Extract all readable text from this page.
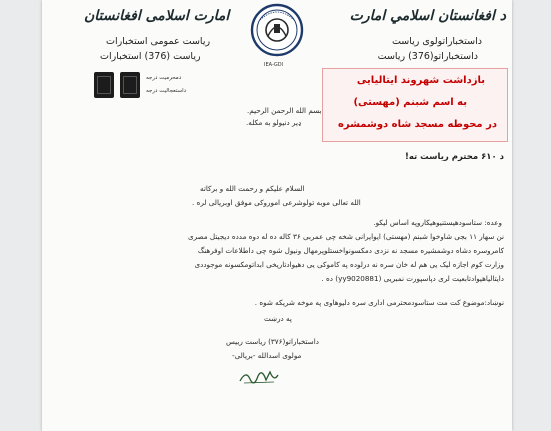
د افغانستان اسلامي امارت
داستخباراتولوی ریاست
داستخباراتو(376) ریاست
امارت اسلامی افغانستان
ریاست عمومی استخبارات
ریاست (376) استخبارات
دمحرمیت درجه
داستعجالیت درجه
IEA-GDI
بازداشت شهروند ایتالیایی
به اسم شبنم (مهستی)
در محوطه مسجد شاه دوشمشره
بسم الله الرحمن الرحیم.
ډیر دنیولو به مکله.
د ۶۱۰ محترم ریاست ته!
السلام علیکم و رحمت الله و برکاته
الله تعالی موبه تولوشرعی اموروکی موفق اوبریالی لره .
وعده: ستاسودهیستنیوهیکاروپه اساس لیکو.
نن سهار ۱۱ بجی شاوخوا شبنم (مهستی) ایوایرانی شخه چی عمربی ۳۶ کاله ده له دوه مدده دیجیتل مصری
کامروسره دشاه دوشمشیره مسجد نه نزدی دمکسونواخستلوپرمهال ونیول شوه چی داطلاعات اوفرهنگ
وزارت کوم اجازه لیک یی هم له خان سره نه درلوده په کاموکی یی دهیوادتاریخی ابداتومکسونه موجوددی
دایتالیاهیوادتابعیت لری دپاسپورت نمبریی (yy9020881) ده .
نوښاد:موضوع کت مت ستاسودمحترمی اداری سره دلیوهاوی په موخه شریکه شوه .
په درښت
داستخباراتو(۳۷۶) ریاست رییس
مولوی اسدالله -بریالی-
